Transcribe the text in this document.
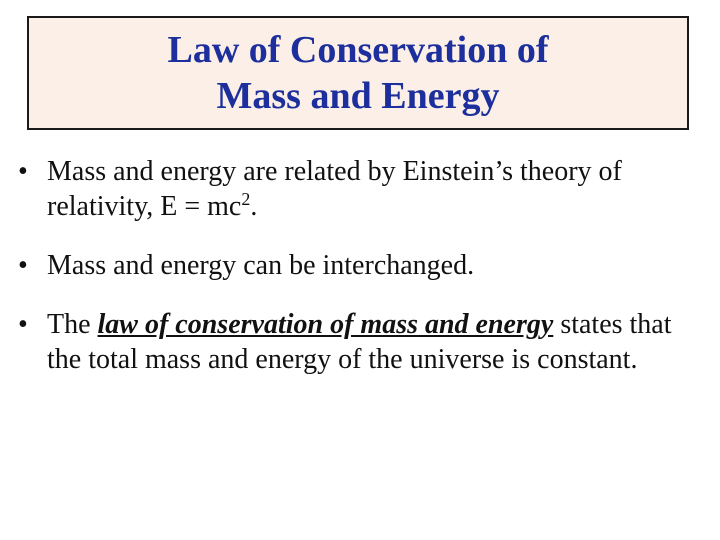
Law of Conservation of
Mass and Energy
• Mass and energy are related by Einstein’s theory of relativity, $E = mc^2$.
• Mass and energy can be interchanged.
• The law of conservation of mass and energy states that the total mass and energy of the universe is constant.
